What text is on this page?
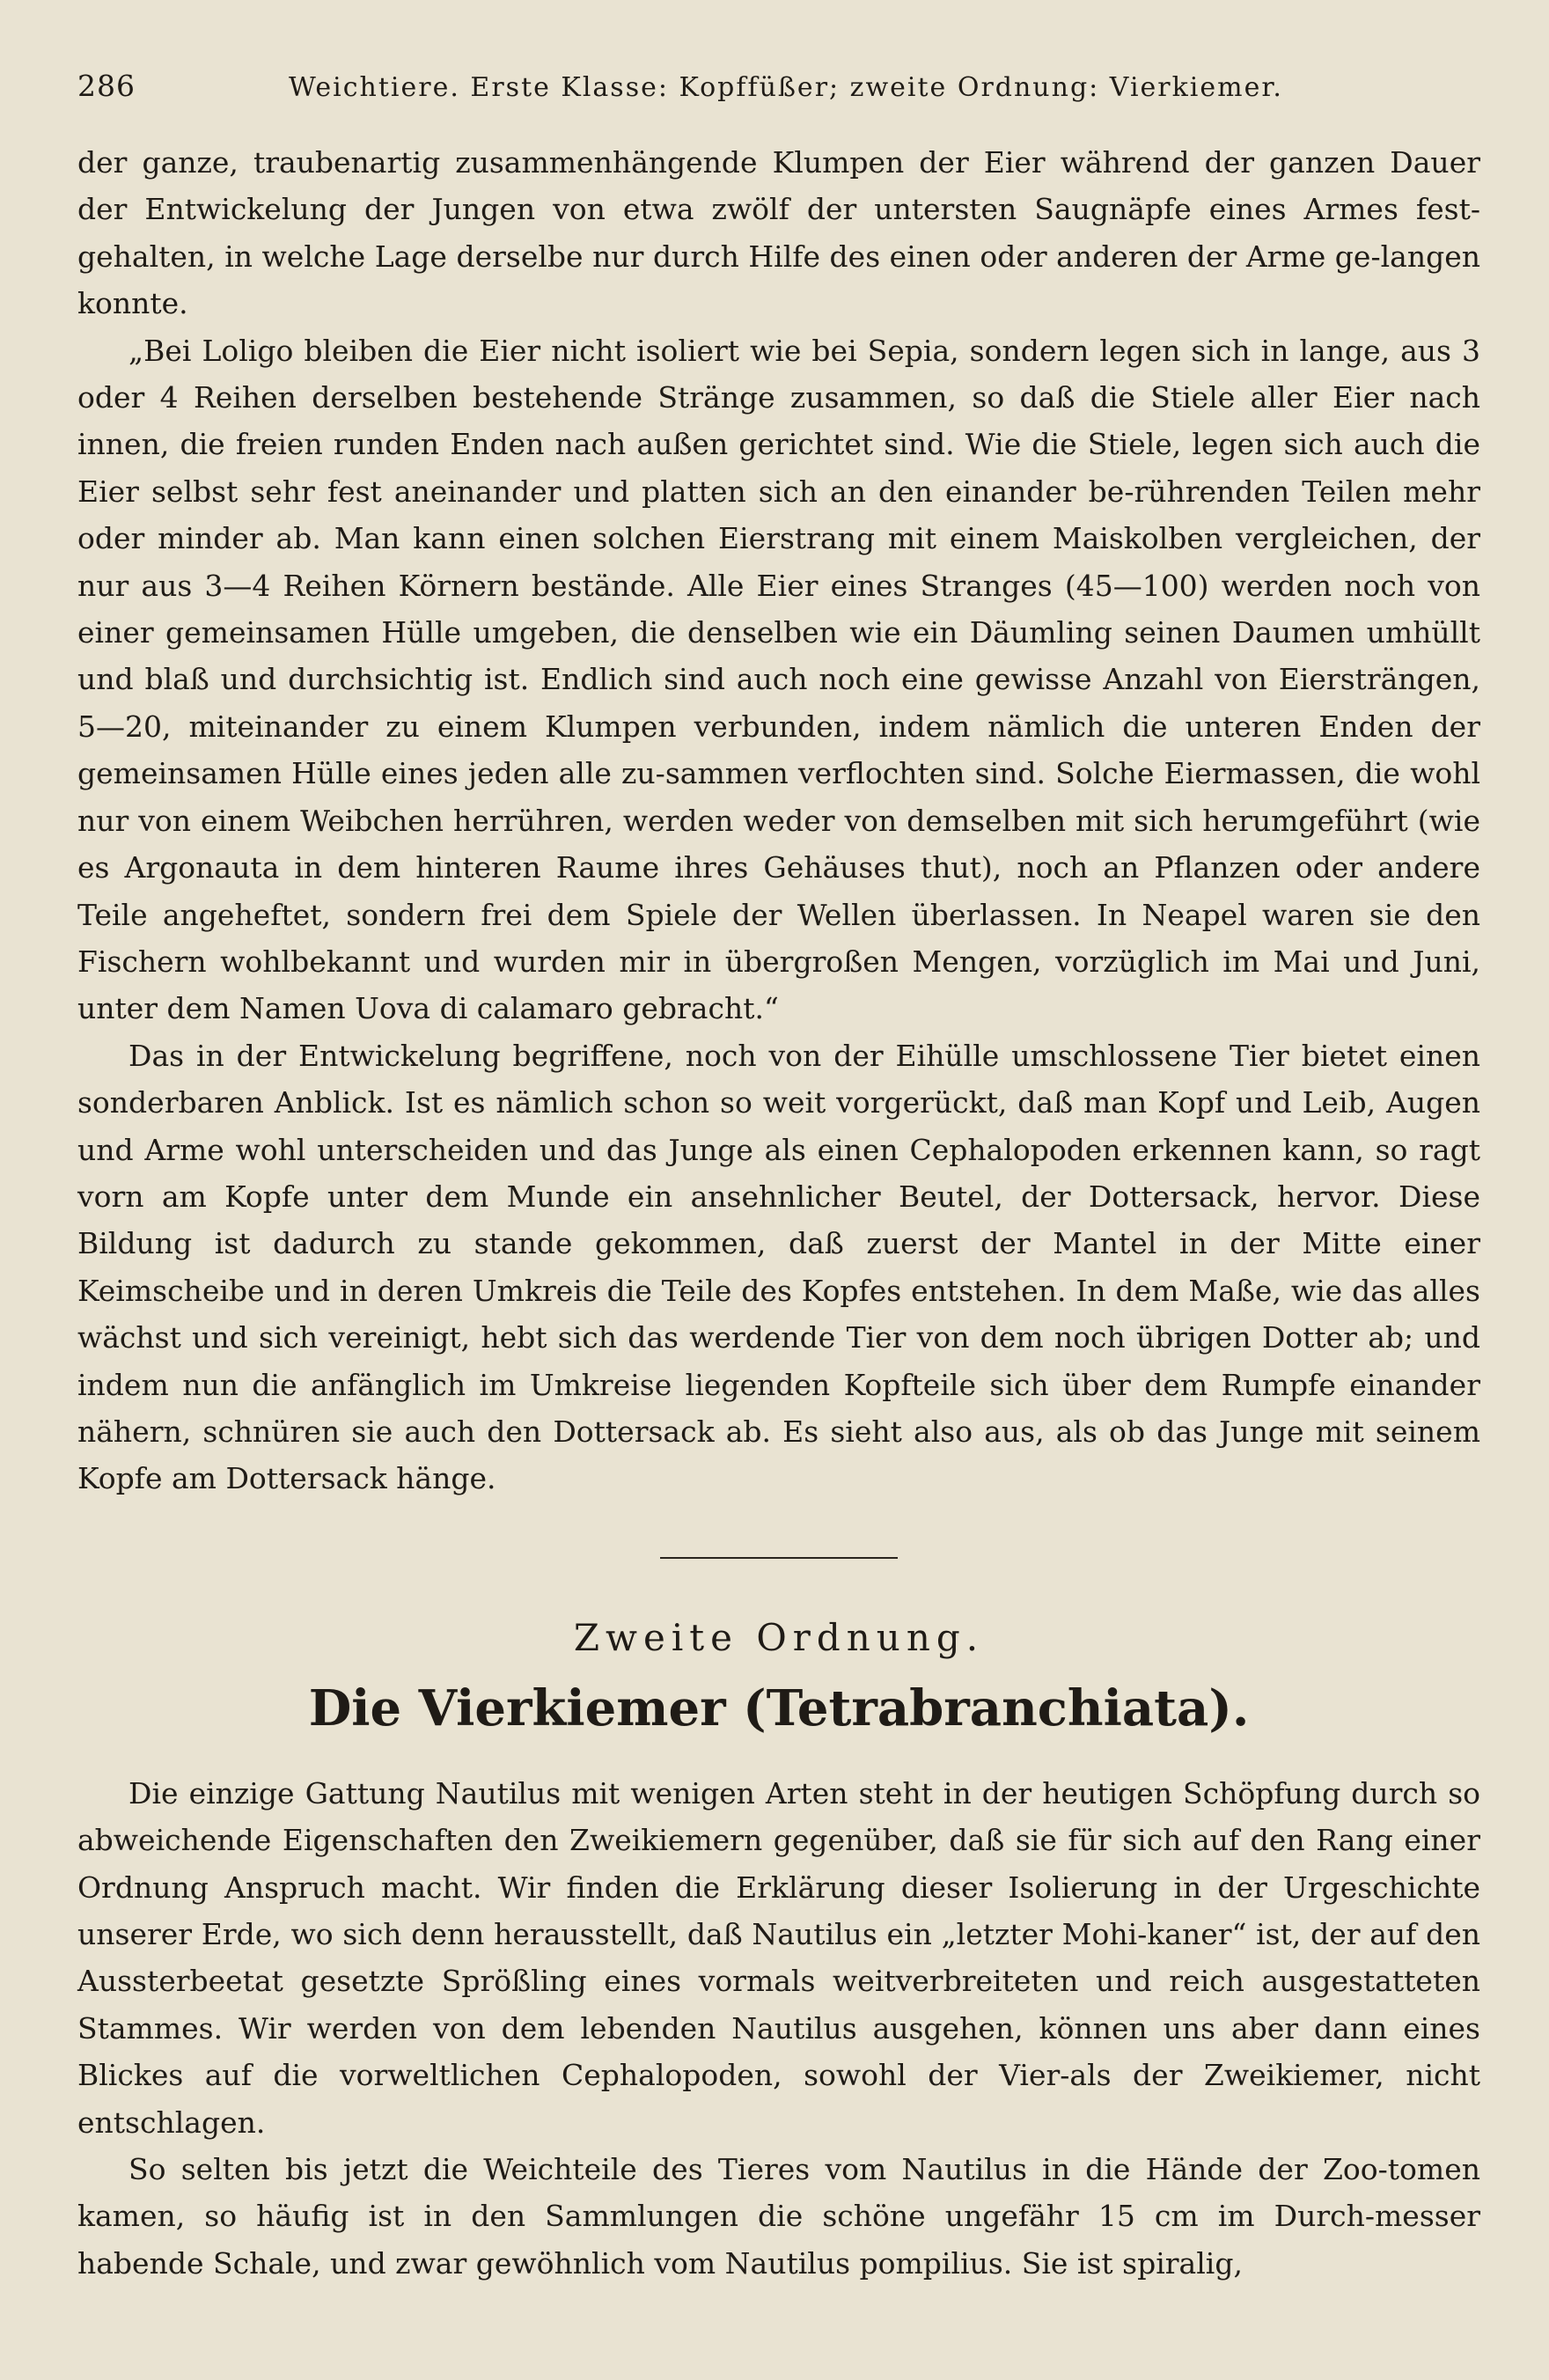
286	Weichtiere. Erste Klasse: Kopffüßer; zweite Ordnung: Vierkiemer.

der ganze, traubenartig zusammenhängende Klumpen der Eier während der ganzen Dauer der Entwickelung der Jungen von etwa zwölf der untersten Saugnäpfe eines Armes fest-gehalten, in welche Lage derselbe nur durch Hilfe des einen oder anderen der Arme ge-langen konnte.

„Bei Loligo bleiben die Eier nicht isoliert wie bei Sepia, sondern legen sich in lange, aus 3 oder 4 Reihen derselben bestehende Stränge zusammen, so daß die Stiele aller Eier nach innen, die freien runden Enden nach außen gerichtet sind. Wie die Stiele, legen sich auch die Eier selbst sehr fest aneinander und platten sich an den einander be-rührenden Teilen mehr oder minder ab. Man kann einen solchen Eierstrang mit einem Maiskolben vergleichen, der nur aus 3—4 Reihen Körnern bestände. Alle Eier eines Stranges (45—100) werden noch von einer gemeinsamen Hülle umgeben, die denselben wie ein Däumling seinen Daumen umhüllt und blaß und durchsichtig ist. Endlich sind auch noch eine gewisse Anzahl von Eiersträngen, 5—20, miteinander zu einem Klumpen verbunden, indem nämlich die unteren Enden der gemeinsamen Hülle eines jeden alle zu-sammen verflochten sind. Solche Eiermassen, die wohl nur von einem Weibchen herrühren, werden weder von demselben mit sich herumgeführt (wie es Argonauta in dem hinteren Raume ihres Gehäuses thut), noch an Pflanzen oder andere Teile angeheftet, sondern frei dem Spiele der Wellen überlassen. In Neapel waren sie den Fischern wohlbekannt und wurden mir in übergroßen Mengen, vorzüglich im Mai und Juni, unter dem Namen Uova di calamaro gebracht.“

Das in der Entwickelung begriffene, noch von der Eihülle umschlossene Tier bietet einen sonderbaren Anblick. Ist es nämlich schon so weit vorgerückt, daß man Kopf und Leib, Augen und Arme wohl unterscheiden und das Junge als einen Cephalopoden erkennen kann, so ragt vorn am Kopfe unter dem Munde ein ansehnlicher Beutel, der Dottersack, hervor. Diese Bildung ist dadurch zu stande gekommen, daß zuerst der Mantel in der Mitte einer Keimscheibe und in deren Umkreis die Teile des Kopfes entstehen. In dem Maße, wie das alles wächst und sich vereinigt, hebt sich das werdende Tier von dem noch übrigen Dotter ab; und indem nun die anfänglich im Umkreise liegenden Kopfteile sich über dem Rumpfe einander nähern, schnüren sie auch den Dottersack ab. Es sieht also aus, als ob das Junge mit seinem Kopfe am Dottersack hänge.

Zweite Ordnung.
Die Vierkiemer (Tetrabranchiata).

Die einzige Gattung Nautilus mit wenigen Arten steht in der heutigen Schöpfung durch so abweichende Eigenschaften den Zweikiemern gegenüber, daß sie für sich auf den Rang einer Ordnung Anspruch macht. Wir finden die Erklärung dieser Isolierung in der Urgeschichte unserer Erde, wo sich denn herausstellt, daß Nautilus ein „letzter Mohi-kaner“ ist, der auf den Aussterbeetat gesetzte Sprößling eines vormals weitverbreiteten und reich ausgestatteten Stammes. Wir werden von dem lebenden Nautilus ausgehen, können uns aber dann eines Blickes auf die vorweltlichen Cephalopoden, sowohl der Vier-als der Zweikiemer, nicht entschlagen.

So selten bis jetzt die Weichteile des Tieres vom Nautilus in die Hände der Zoo-tomen kamen, so häufig ist in den Sammlungen die schöne ungefähr 15 cm im Durch-messer habende Schale, und zwar gewöhnlich vom Nautilus pompilius. Sie ist spiralig,
